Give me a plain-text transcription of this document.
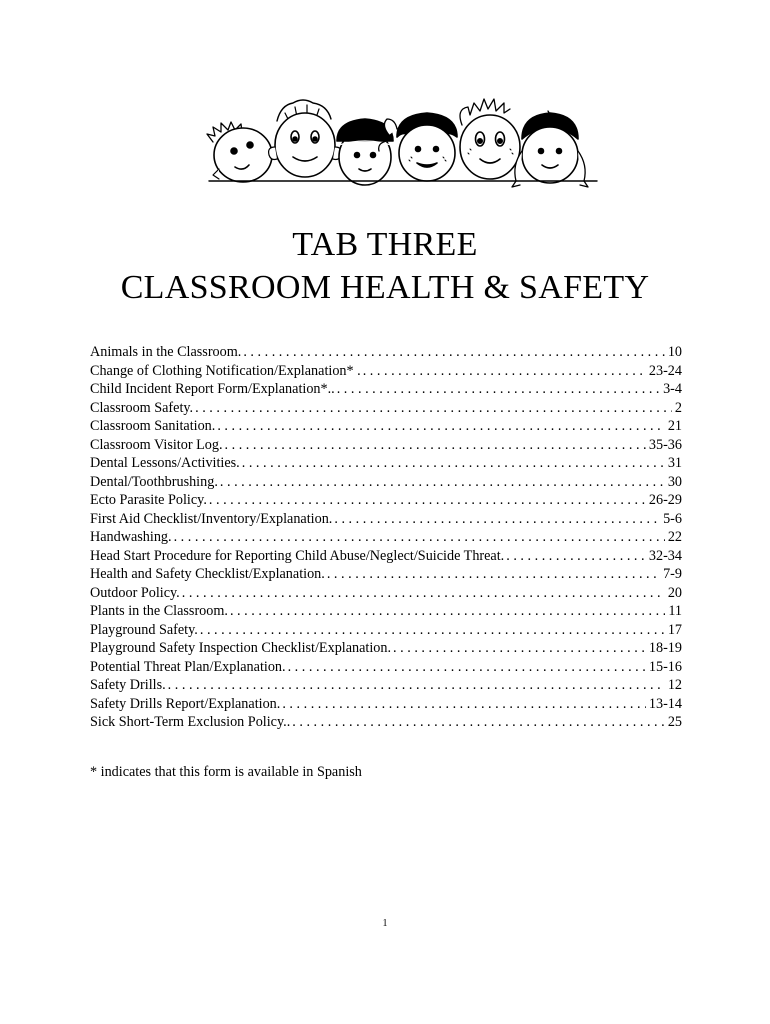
TAB THREE
CLASSROOM HEALTH & SAFETY
Animals in the Classroom. . . .	10
Change of Clothing Notification/Explanation* . . . .	23-24
Child Incident Report Form/Explanation*.. . . .	3-4
Classroom Safety. . . .	2
Classroom Sanitation. . . .	21
Classroom Visitor Log. . . .	35-36
Dental Lessons/Activities. . . .	31
Dental/Toothbrushing. . . .	30
Ecto Parasite Policy. . . .	26-29
First Aid Checklist/Inventory/Explanation. . . .	5-6
Handwashing. . . .	22
Head Start Procedure for Reporting Child Abuse/Neglect/Suicide Threat. . . .	32-34
Health and Safety Checklist/Explanation. . . .	7-9
Outdoor Policy. . . .	20
Plants in the Classroom. . . .	11
Playground Safety. . . .	17
Playground Safety Inspection Checklist/Explanation. . . .	18-19
Potential Threat Plan/Explanation. . . .	15-16
Safety Drills. . . .	12
Safety Drills Report/Explanation. . . .	13-14
Sick Short-Term Exclusion Policy.. . . .	25
* indicates that this form is available in Spanish
1
